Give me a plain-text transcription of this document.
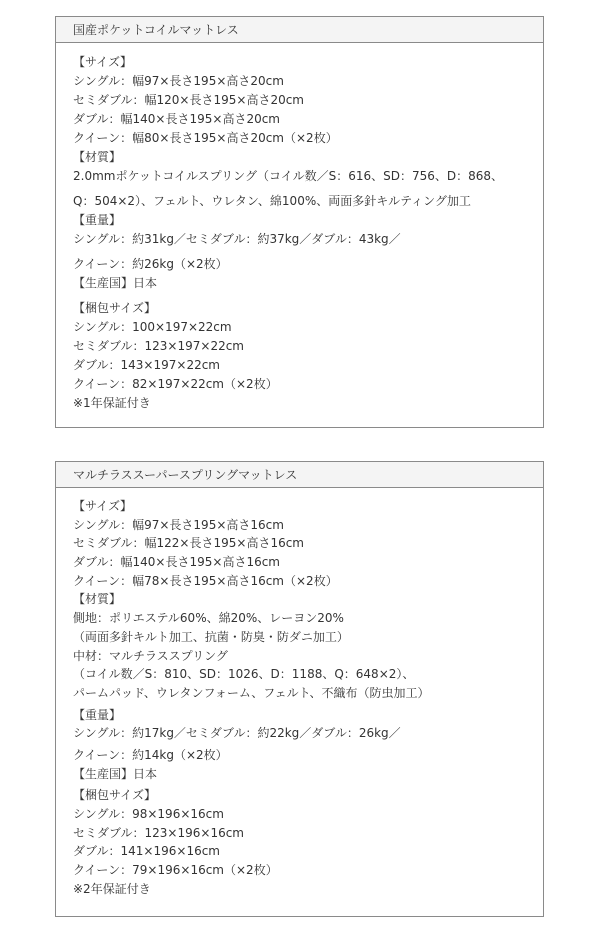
国産ポケットコイルマットレス
【サイズ】
シングル：幅97×長さ195×高さ20cm
セミダブル：幅120×長さ195×高さ20cm
ダブル：幅140×長さ195×高さ20cm
クイーン：幅80×長さ195×高さ20cm（×2枚）
【材質】
2.0mmポケットコイルスプリング（コイル数／S：616、SD：756、D：868、
Q：504×2）、フェルト、ウレタン、綿100%、両面多針キルティング加工
【重量】
シングル：約31kg／セミダブル：約37kg／ダブル：43kg／
クイーン：約26kg（×2枚）
【生産国】日本
【梱包サイズ】
シングル：100×197×22cm
セミダブル：123×197×22cm
ダブル：143×197×22cm
クイーン：82×197×22cm（×2枚）
※1年保証付き
マルチラススーパースプリングマットレス
【サイズ】
シングル：幅97×長さ195×高さ16cm
セミダブル：幅122×長さ195×高さ16cm
ダブル：幅140×長さ195×高さ16cm
クイーン：幅78×長さ195×高さ16cm（×2枚）
【材質】
側地：ポリエステル60%、綿20%、レーヨン20%
（両面多針キルト加工、抗菌・防臭・防ダニ加工）
中材：マルチラススプリング
（コイル数／S：810、SD：1026、D：1188、Q：648×2）、
パームパッド、ウレタンフォーム、フェルト、不織布（防虫加工）
【重量】
シングル：約17kg／セミダブル：約22kg／ダブル：26kg／
クイーン：約14kg（×2枚）
【生産国】日本
【梱包サイズ】
シングル：98×196×16cm
セミダブル：123×196×16cm
ダブル：141×196×16cm
クイーン：79×196×16cm（×2枚）
※2年保証付き
